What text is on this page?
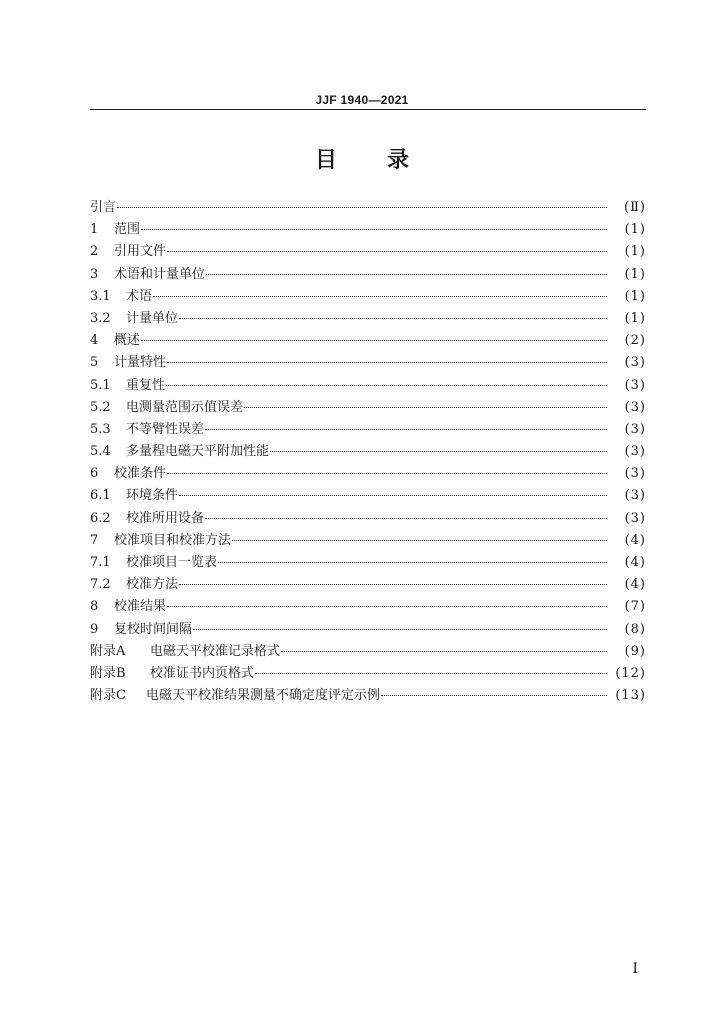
JJF 1940—2021
目 录
引言	(Ⅱ)
1	范围	(1)
2	引用文件	(1)
3	术语和计量单位	(1)
3.1	术语	(1)
3.2	计量单位	(1)
4	概述	(2)
5	计量特性	(3)
5.1	重复性	(3)
5.2	电测量范围示值误差	(3)
5.3	不等臂性误差	(3)
5.4	多量程电磁天平附加性能	(3)
6	校准条件	(3)
6.1	环境条件	(3)
6.2	校准所用设备	(3)
7	校准项目和校准方法	(4)
7.1	校准项目一览表	(4)
7.2	校准方法	(4)
8	校准结果	(7)
9	复校时间间隔	(8)
附录A	电磁天平校准记录格式	(9)
附录B	校准证书内页格式	(12)
附录C	电磁天平校准结果测量不确定度评定示例	(13)
I
